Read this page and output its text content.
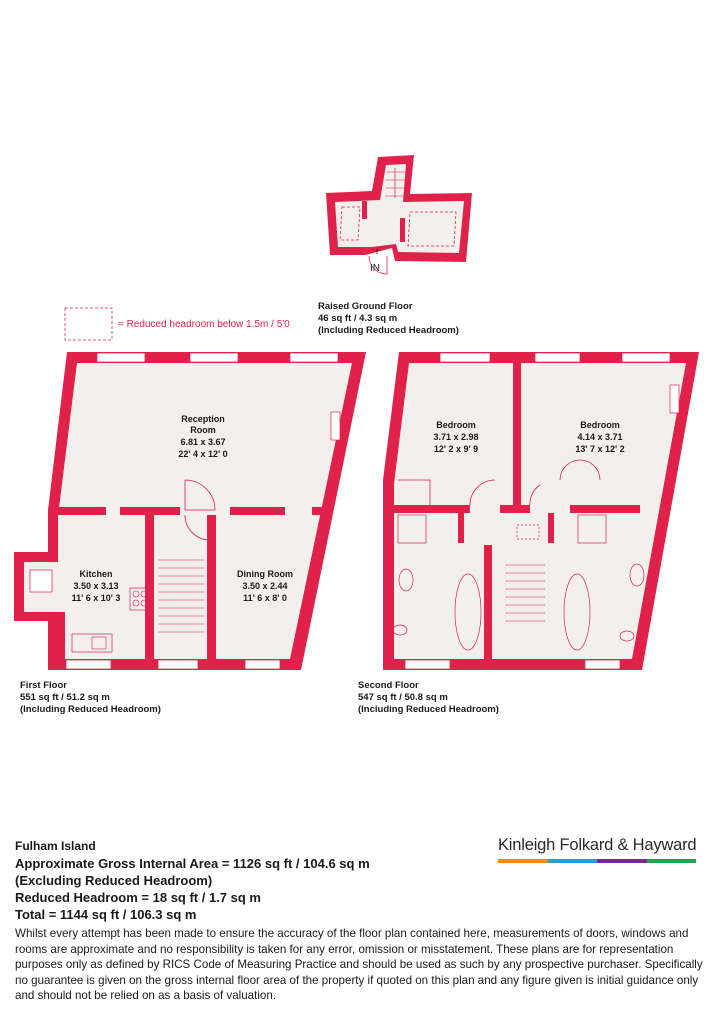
⇧
IN
= Reduced headroom below 1.5m / 5'0
Raised Ground Floor
46 sq ft / 4.3 sq m
(Including Reduced Headroom)
Reception
Room
6.81 x 3.67
22' 4 x 12' 0
Kitchen
3.50 x 3.13
11' 6 x 10' 3
Dining Room
3.50 x 2.44
11' 6 x 8' 0
First Floor
551 sq ft / 51.2 sq m
(Including Reduced Headroom)
Bedroom
3.71 x 2.98
12' 2 x 9' 9
Bedroom
4.14 x 3.71
13' 7 x 12' 2
Second Floor
547 sq ft / 50.8 sq m
(Including Reduced Headroom)

Fulham Island

Approximate Gross Internal Area = 1126 sq ft / 104.6 sq m

(Excluding Reduced Headroom)

Reduced Headroom = 18 sq ft / 1.7 sq m

Total = 1144 sq ft / 106.3 sq m

Whilst every attempt has been made to ensure the accuracy of the floor plan contained here, measurements of doors, windows and rooms are approximate and no responsibility is taken for any error, omission or misstatement. These plans are for representation purposes only as defined by RICS Code of Measuring Practice and should be used as such by any prospective purchaser. Specifically no guarantee is given on the gross internal floor area of the property if quoted on this plan and any figure given is initial guidance only and should not be relied on as a basis of valuation.
Kinleigh Folkard & Hayward
